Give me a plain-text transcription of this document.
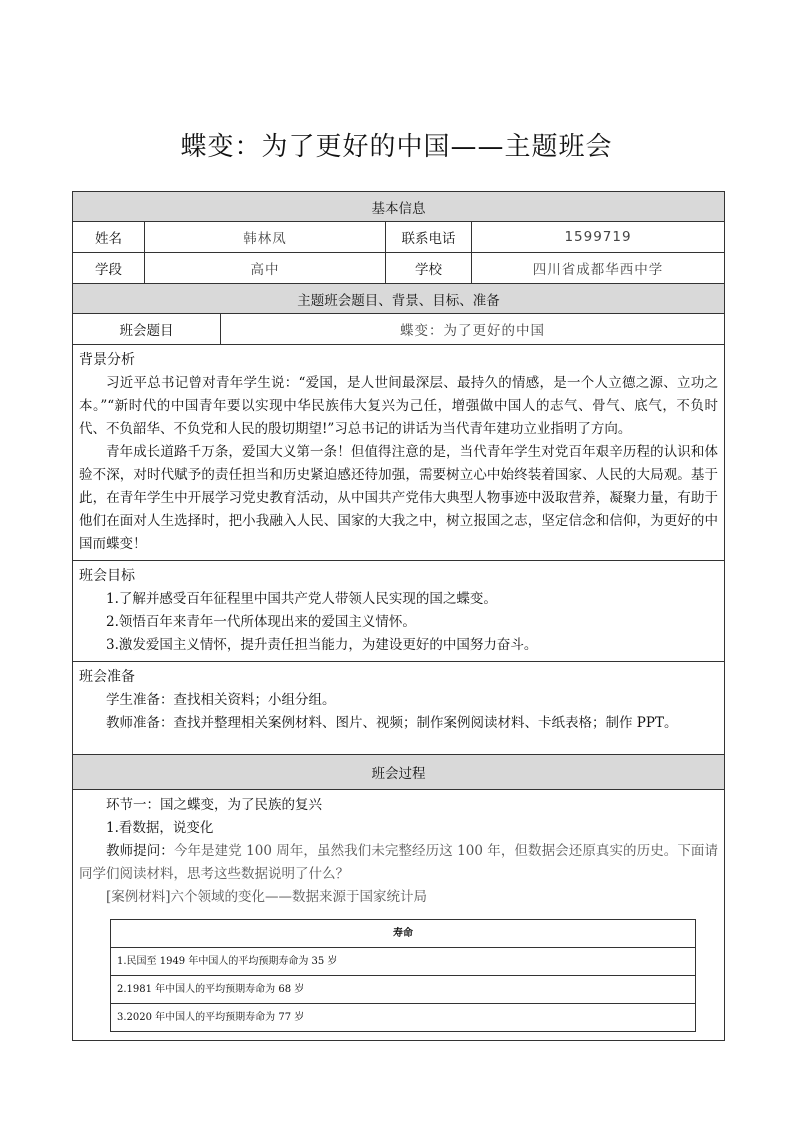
蝶变：为了更好的中国——主题班会
基本信息
姓名	韩林凤	联系电话	1599719
学段	高中	学校	四川省成都华西中学
主题班会题目、背景、目标、准备
班会题目	蝶变：为了更好的中国

背景分析

习近平总书记曾对青年学生说：“爱国，是人世间最深层、最持久的情感，是一个人立德之源、立功之本。”“新时代的中国青年要以实现中华民族伟大复兴为己任，增强做中国人的志气、骨气、底气，不负时代、不负韶华、不负党和人民的殷切期望!”习总书记的讲话为当代青年建功立业指明了方向。

青年成长道路千万条，爱国大义第一条！但值得注意的是，当代青年学生对党百年艰辛历程的认识和体验不深，对时代赋予的责任担当和历史紧迫感还待加强，需要树立心中始终装着国家、人民的大局观。基于此，在青年学生中开展学习党史教育活动，从中国共产党伟大典型人物事迹中汲取营养，凝聚力量，有助于他们在面对人生选择时，把小我融入人民、国家的大我之中，树立报国之志，坚定信念和信仰，为更好的中国而蝶变！

班会目标

1.了解并感受百年征程里中国共产党人带领人民实现的国之蝶变。

2.领悟百年来青年一代所体现出来的爱国主义情怀。

3.激发爱国主义情怀，提升责任担当能力，为建设更好的中国努力奋斗。

班会准备

学生准备：查找相关资料；小组分组。

教师准备：查找并整理相关案例材料、图片、视频；制作案例阅读材料、卡纸表格；制作 PPT。

班会过程

环节一：国之蝶变，为了民族的复兴

1.看数据，说变化

教师提问：今年是建党 100 周年，虽然我们未完整经历这 100 年，但数据会还原真实的历史。下面请同学们阅读材料，思考这些数据说明了什么？

[案例材料]六个领域的变化——数据来源于国家统计局

寿命
1.民国至 1949 年中国人的平均预期寿命为 35 岁
2.1981 年中国人的平均预期寿命为 68 岁
3.2020 年中国人的平均预期寿命为 77 岁
